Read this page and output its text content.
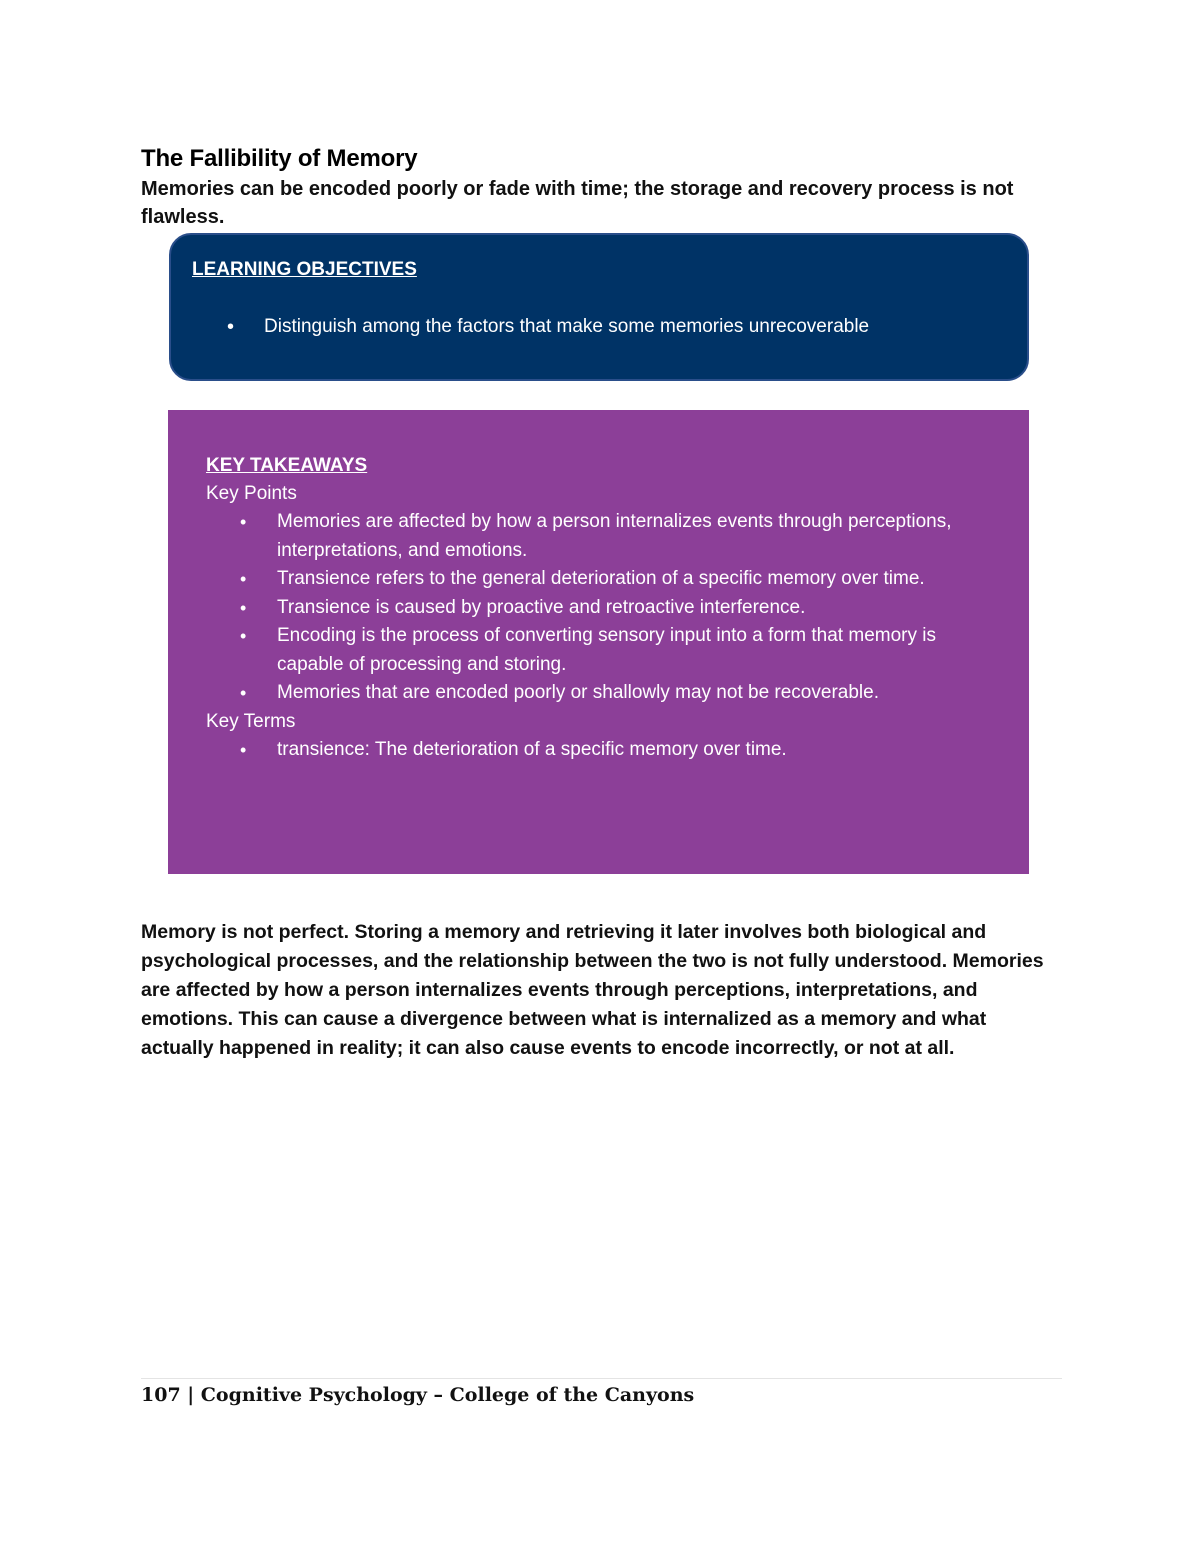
The Fallibility of Memory

Memories can be encoded poorly or fade with time; the storage and recovery process is not flawless.

LEARNING OBJECTIVES

• Distinguish among the factors that make some memories unrecoverable

KEY TAKEAWAYS

Key Points

• Memories are affected by how a person internalizes events through perceptions, interpretations, and emotions.
• Transience refers to the general deterioration of a specific memory over time.
• Transience is caused by proactive and retroactive interference.
• Encoding is the process of converting sensory input into a form that memory is capable of processing and storing.
• Memories that are encoded poorly or shallowly may not be recoverable.

Key Terms

• transience: The deterioration of a specific memory over time.

Memory is not perfect. Storing a memory and retrieving it later involves both biological and psychological processes, and the relationship between the two is not fully understood. Memories are affected by how a person internalizes events through perceptions, interpretations, and emotions. This can cause a divergence between what is internalized as a memory and what actually happened in reality; it can also cause events to encode incorrectly, or not at all.

107 | Cognitive Psychology – College of the Canyons
